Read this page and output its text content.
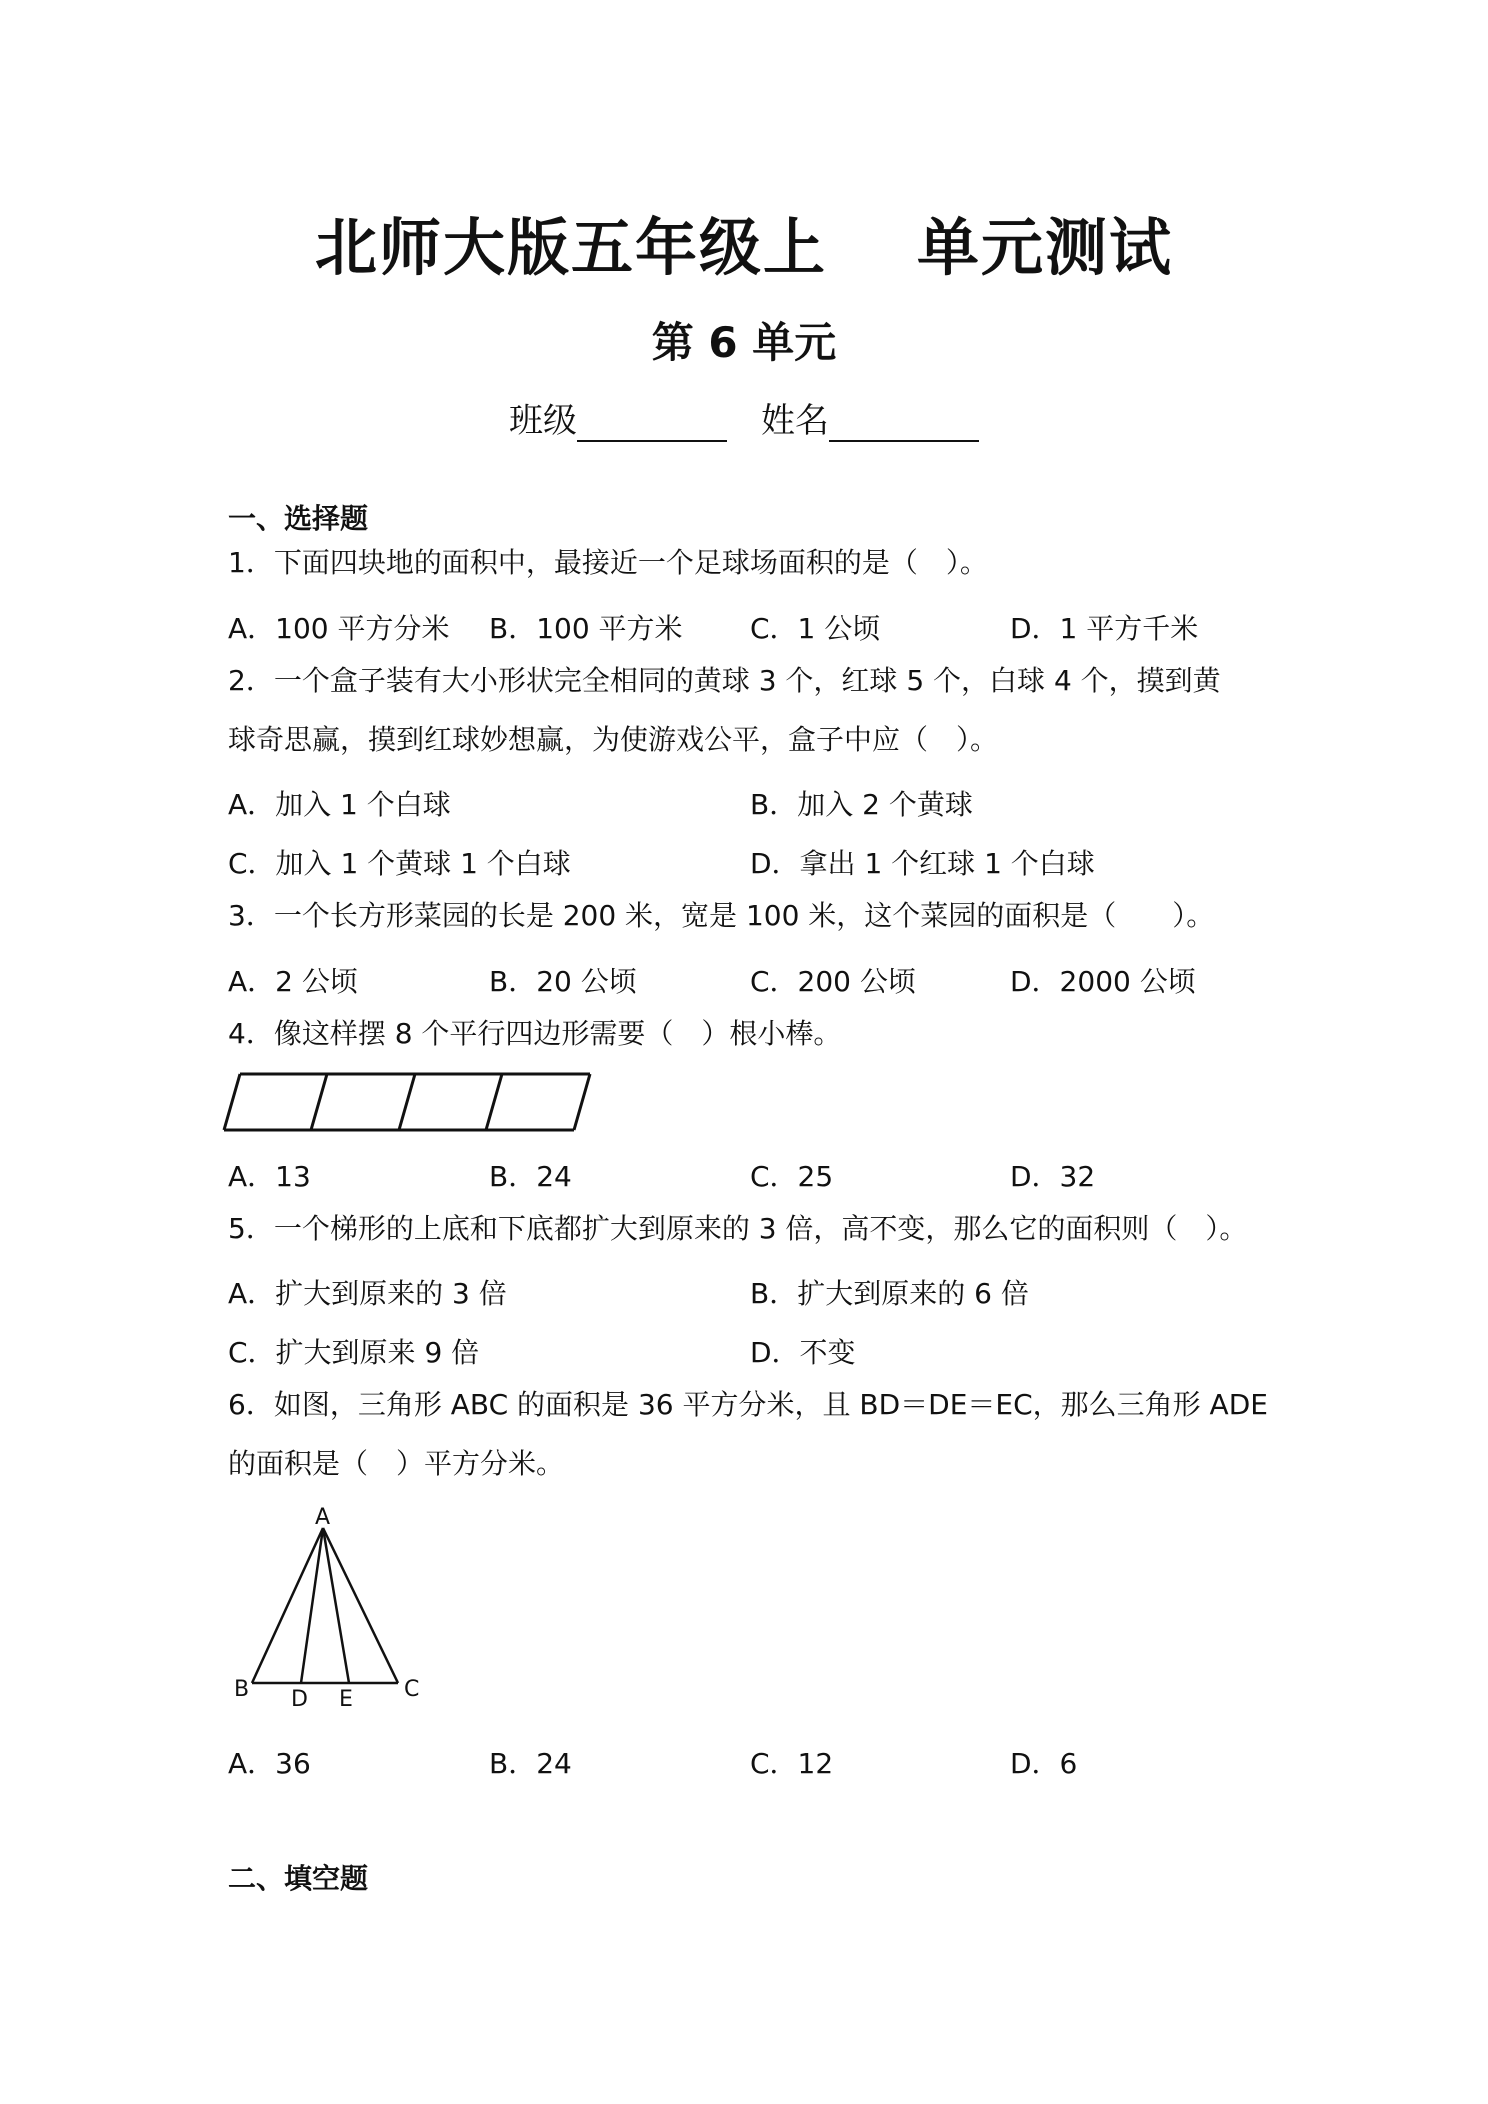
北师大版五年级上 单元测试
第 6 单元
班级	姓名
一、选择题
1．下面四块地的面积中，最接近一个足球场面积的是（　）。
A．100 平方分米 B．100 平方米 C．1 公顷	D．1 平方千米
2．一个盒子装有大小形状完全相同的黄球 3 个，红球 5 个，白球 4 个，摸到黄
球奇思赢，摸到红球妙想赢，为使游戏公平，盒子中应（　）。
A．加入 1 个白球	B．加入 2 个黄球
C．加入 1 个黄球 1 个白球	D．拿出 1 个红球 1 个白球
3．一个长方形菜园的长是 200 米，宽是 100 米，这个菜园的面积是（　　）。
A．2 公顷	B．20 公顷	C．200 公顷	D．2000 公顷
4．像这样摆 8 个平行四边形需要（　）根小棒。
A．13	B．24	C．25	D．32
5．一个梯形的上底和下底都扩大到原来的 3 倍，高不变，那么它的面积则（　）。
A．扩大到原来的 3 倍	B．扩大到原来的 6 倍
C．扩大到原来 9 倍	D．不变
6．如图，三角形 ABC 的面积是 36 平方分米，且 BD＝DE＝EC，那么三角形 ADE
的面积是（　）平方分米。
A
B	C
D E
A．36	B．24	C．12	D．6
二、填空题
